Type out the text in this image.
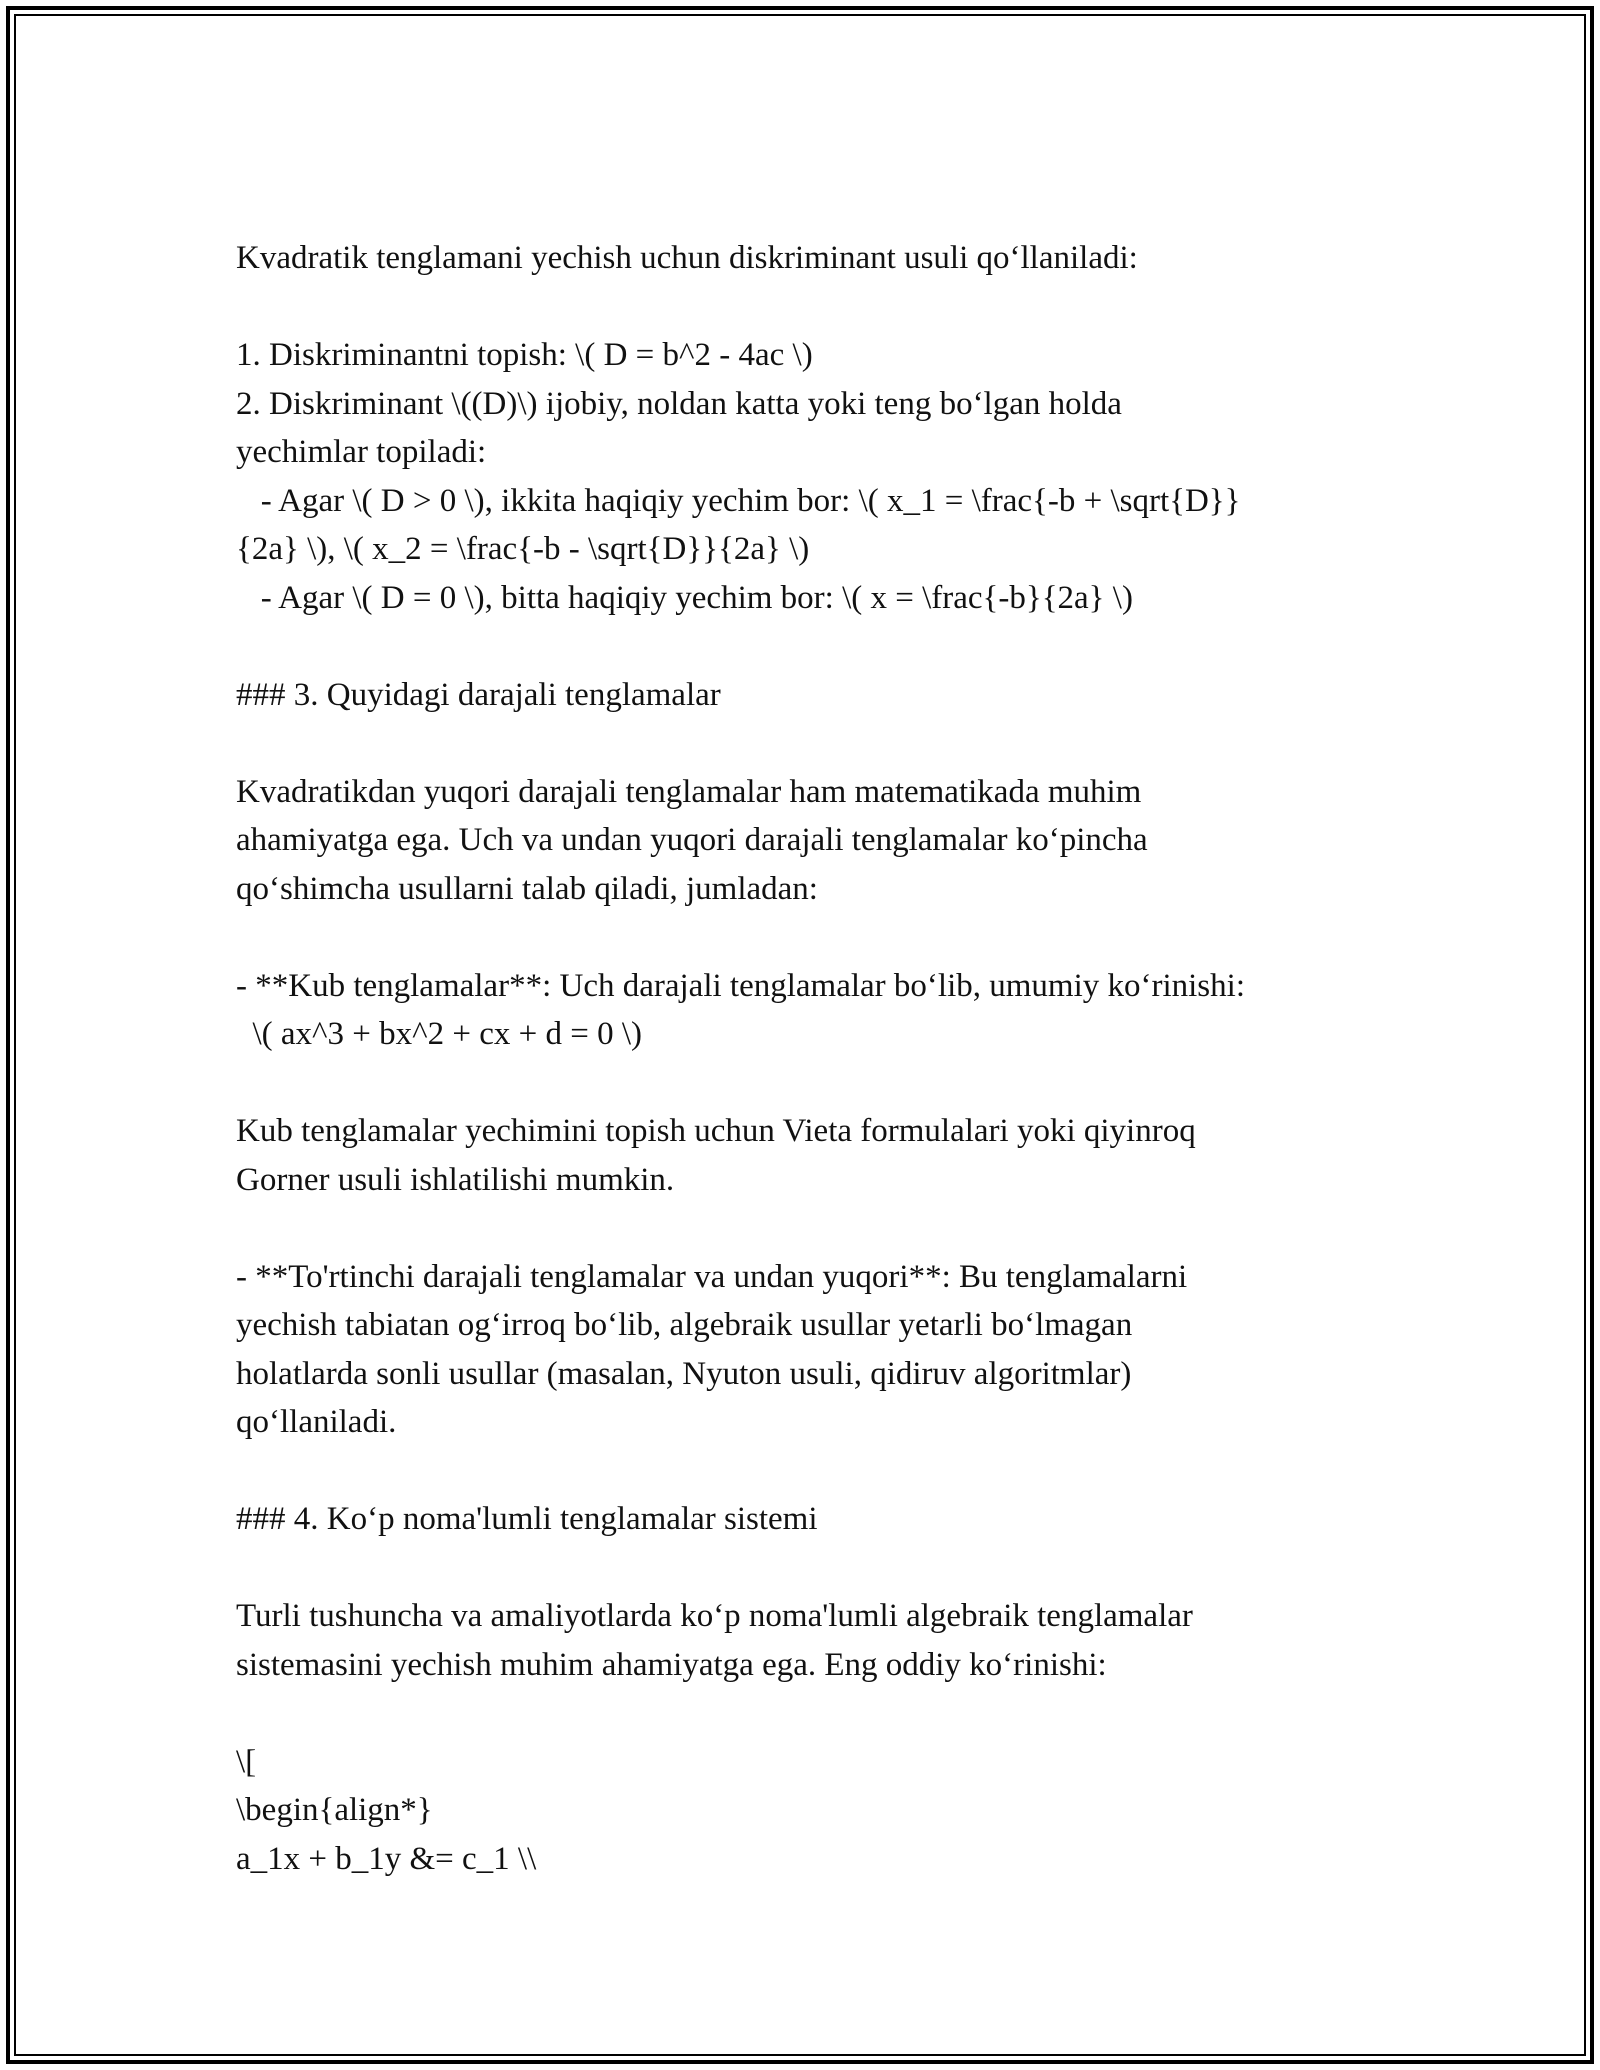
Kvadratik tenglamani yechish uchun diskriminant usuli qo‘llaniladi:
1. Diskriminantni topish: \( D = b^2 - 4ac \)
2. Diskriminant \((D)\) ijobiy, noldan katta yoki teng bo‘lgan holda
yechimlar topiladi:
- Agar \( D > 0 \), ikkita haqiqiy yechim bor: \( x_1 = \frac{-b + \sqrt{D}}
{2a} \), \( x_2 = \frac{-b - \sqrt{D}}{2a} \)
- Agar \( D = 0 \), bitta haqiqiy yechim bor: \( x = \frac{-b}{2a} \)
### 3. Quyidagi darajali tenglamalar
Kvadratikdan yuqori darajali tenglamalar ham matematikada muhim
ahamiyatga ega. Uch va undan yuqori darajali tenglamalar ko‘pincha
qo‘shimcha usullarni talab qiladi, jumladan:
- **Kub tenglamalar**: Uch darajali tenglamalar bo‘lib, umumiy ko‘rinishi:
\( ax^3 + bx^2 + cx + d = 0 \)
Kub tenglamalar yechimini topish uchun Vieta formulalari yoki qiyinroq
Gorner usuli ishlatilishi mumkin.
- **To'rtinchi darajali tenglamalar va undan yuqori**: Bu tenglamalarni
yechish tabiatan og‘irroq bo‘lib, algebraik usullar yetarli bo‘lmagan
holatlarda sonli usullar (masalan, Nyuton usuli, qidiruv algoritmlar)
qo‘llaniladi.
### 4. Ko‘p noma'lumli tenglamalar sistemi
Turli tushuncha va amaliyotlarda ko‘p noma'lumli algebraik tenglamalar
sistemasini yechish muhim ahamiyatga ega. Eng oddiy ko‘rinishi:
\[
\begin{align*}
a_1x + b_1y &= c_1 \\
